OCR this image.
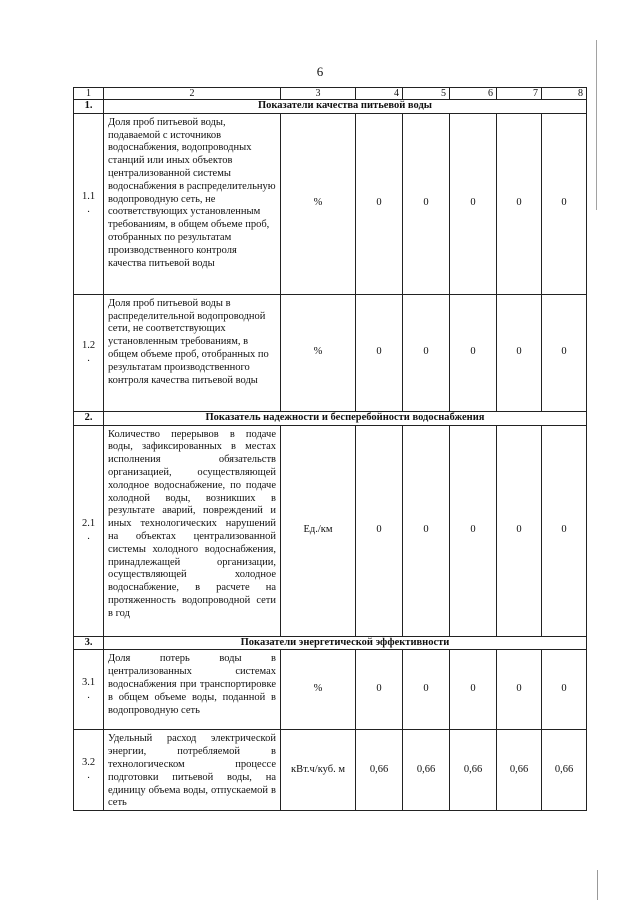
6
1	2	3	4	5	6	7	8
1.	Показатели качества питьевой воды						
1.1
.	Доля проб питьевой воды, подаваемой с источников водоснабжения, водопроводных станций или иных объектов централизованной системы водоснабжения в распределительную водопроводную сеть, не соответствующих установленным требованиям, в общем объеме проб, отобранных по результатам производственного контроля качества питьевой воды	%	0	0	0	0	0
1.2
.	Доля проб питьевой воды в распределительной водопроводной сети, не соответствующих установленным требованиям, в общем объеме проб, отобранных по результатам производственного контроля качества питьевой воды	%	0	0	0	0	0
2.	Показатель надежности и бесперебойности водоснабжения						
2.1
.	Количество перерывов в подаче воды, зафиксированных в местах исполнения обязательств организацией, осуществляющей холодное водоснабжение, по подаче холодной воды, возникших в результате аварий, повреждений и иных технологических нарушений на объектах централизованной системы холодного водоснабжения, принадлежащей организации, осуществляющей холодное водоснабжение, в расчете на протяженность водопроводной сети в год	Ед./км	0	0	0	0	0
3.	Показатели энергетической эффективности						
3.1
.	Доля потерь воды в централизованных системах водоснабжения при транспортировке в общем объеме воды, поданной в водопроводную сеть	%	0	0	0	0	0
3.2
.	Удельный расход электрической энергии, потребляемой в технологическом процессе подготовки питьевой воды, на единицу объема воды, отпускаемой в сеть	кВт.ч/куб. м	0,66	0,66	0,66	0,66	0,66
